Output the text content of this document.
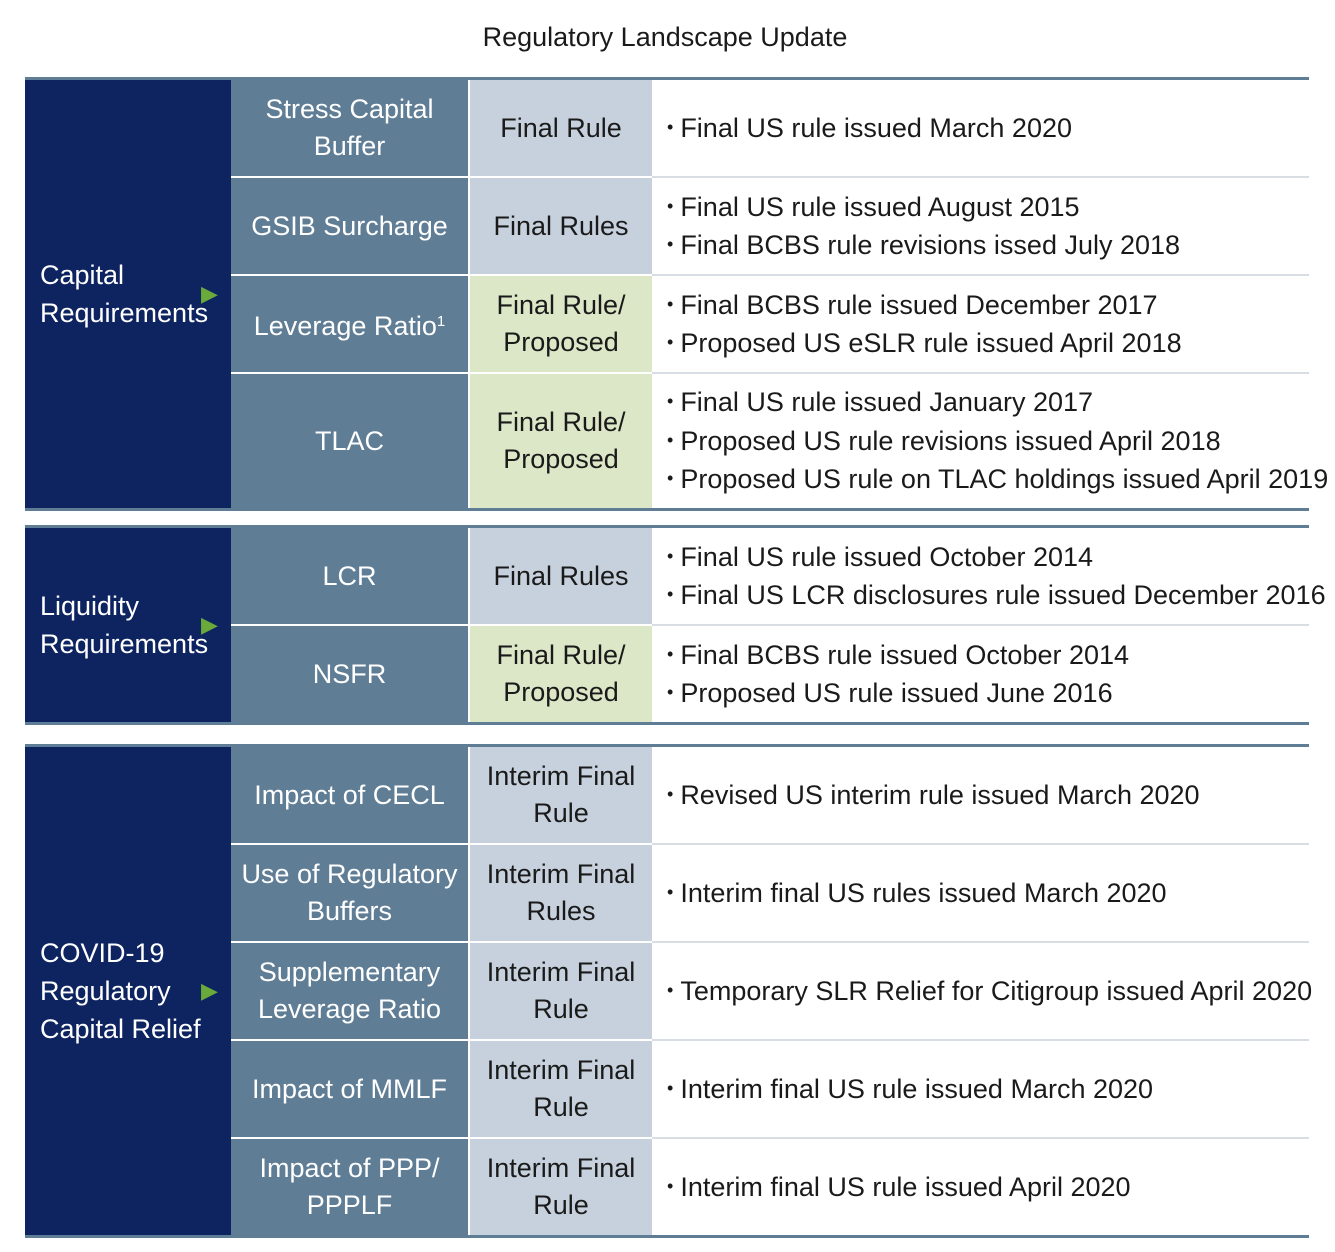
Regulatory Landscape Update
Capital
Requirements
▶
Stress Capital
Buffer
Final Rule	• Final US rule issued March 2020
GSIB Surcharge Final Rules
• Final US rule issued August 2015
• Final BCBS rule revisions issed July 2018
Leverage Ratio$^1$
Final Rule/
Proposed
• Final BCBS rule issued December 2017
• Proposed US eSLR rule issued April 2018
TLAC
Final Rule/
Proposed
• Final US rule issued January 2017
• Proposed US rule revisions issued April 2018
• Proposed US rule on TLAC holdings issued April 2019
Liquidity
Requirements
▶
LCR	Final Rules
• Final US rule issued October 2014
• Final US LCR disclosures rule issued December 2016
NSFR
Final Rule/
Proposed
• Final BCBS rule issued October 2014
• Proposed US rule issued June 2016
COVID-19
Regulatory
Capital Relief
▶
Impact of CECL
Interim Final
Rule
• Revised US interim rule issued March 2020
Use of Regulatory
Buffers
Interim Final
Rules
• Interim final US rules issued March 2020
Supplementary
Leverage Ratio
Interim Final
Rule
• Temporary SLR Relief for Citigroup issued April 2020
Impact of MMLF
Interim Final
Rule
• Interim final US rule issued March 2020
Impact of PPP/
PPPLF
Interim Final
Rule
• Interim final US rule issued April 2020
